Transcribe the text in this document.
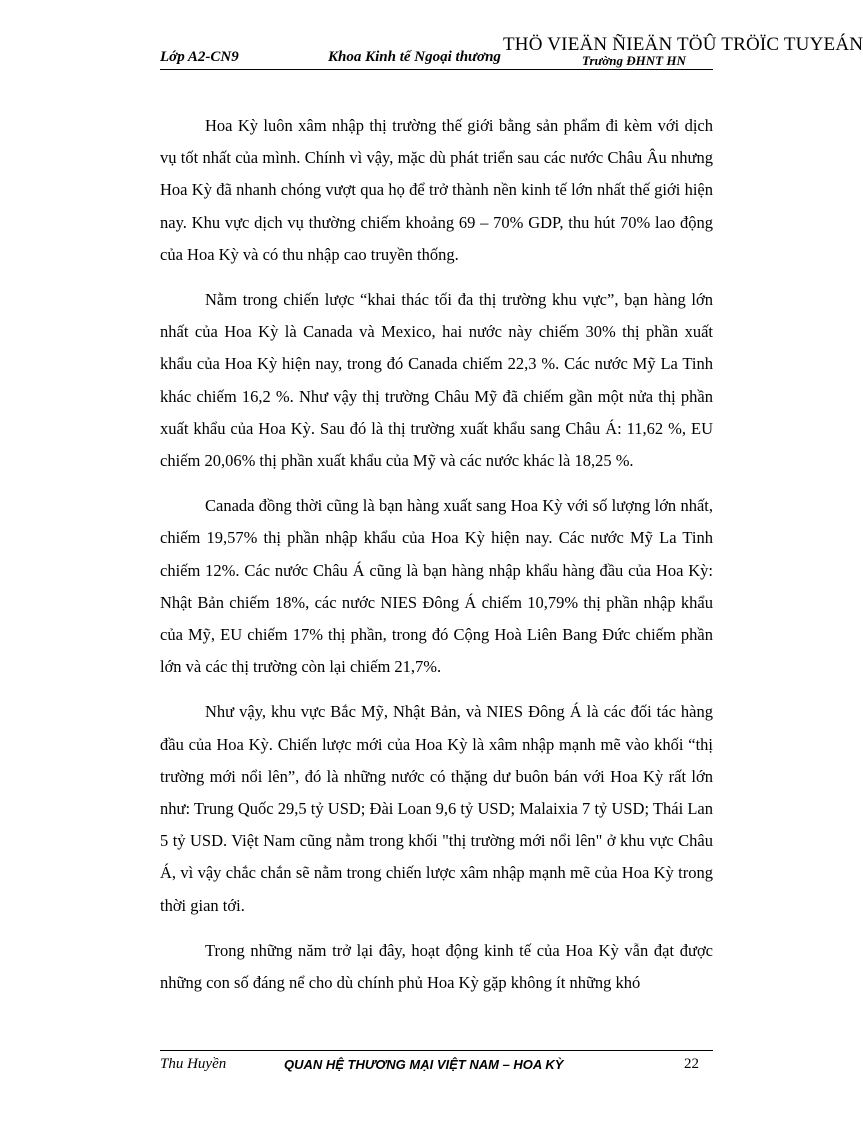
Lớp A2-CN9	Khoa Kinh tế Ngoại thương	Trường ĐHNT HN
THÖ VIEÄN ÑIEÄN TÖÛ TRÖÏC TUYEÁN

Hoa Kỳ luôn xâm nhập thị trường thế giới bằng sản phẩm đi kèm với dịch vụ tốt nhất của mình. Chính vì vậy, mặc dù phát triển sau các nước Châu Âu nhưng Hoa Kỳ đã nhanh chóng vượt qua họ để trở thành nền kinh tế lớn nhất thế giới hiện nay. Khu vực dịch vụ thường chiếm khoảng 69 – 70% GDP, thu hút 70% lao động của Hoa Kỳ và có thu nhập cao truyền thống.

Nằm trong chiến lược “khai thác tối đa thị trường khu vực”, bạn hàng lớn nhất của Hoa Kỳ là Canada và Mexico, hai nước này chiếm 30% thị phần xuất khẩu của Hoa Kỳ hiện nay, trong đó Canada chiếm 22,3 %. Các nước Mỹ La Tinh khác chiếm 16,2 %. Như vậy thị trường Châu Mỹ đã chiếm gần một nửa thị phần xuất khẩu của Hoa Kỳ. Sau đó là thị trường xuất khẩu sang Châu Á: 11,62 %, EU chiếm 20,06% thị phần xuất khẩu của Mỹ và các nước khác là 18,25 %.

Canada đồng thời cũng là bạn hàng xuất sang Hoa Kỳ với số lượng lớn nhất, chiếm 19,57% thị phần nhập khẩu của Hoa Kỳ hiện nay. Các nước Mỹ La Tinh chiếm 12%. Các nước Châu Á cũng là bạn hàng nhập khẩu hàng đầu của Hoa Kỳ: Nhật Bản chiếm 18%, các nước NIES Đông Á chiếm 10,79% thị phần nhập khẩu của Mỹ, EU chiếm 17% thị phần, trong đó Cộng Hoà Liên Bang Đức chiếm phần lớn và các thị trường còn lại chiếm 21,7%.

Như vậy, khu vực Bắc Mỹ, Nhật Bản, và NIES Đông Á là các đối tác hàng đầu của Hoa Kỳ. Chiến lược mới của Hoa Kỳ là xâm nhập mạnh mẽ vào khối “thị trường mới nổi lên”, đó là những nước có thặng dư buôn bán với Hoa Kỳ rất lớn như: Trung Quốc 29,5 tỷ USD; Đài Loan 9,6 tỷ USD; Malaixia 7 tỷ USD; Thái Lan 5 tỷ USD. Việt Nam cũng nằm trong khối "thị trường mới nổi lên" ở khu vực Châu Á, vì vậy chắc chắn sẽ nằm trong chiến lược xâm nhập mạnh mẽ của Hoa Kỳ trong thời gian tới.

Trong những năm trở lại đây, hoạt động kinh tế của Hoa Kỳ vẫn đạt được những con số đáng nể cho dù chính phủ Hoa Kỳ gặp không ít những khó

Thu Huyền	QUAN HỆ THƯƠNG MẠI VIỆT NAM – HOA KỲ	22
